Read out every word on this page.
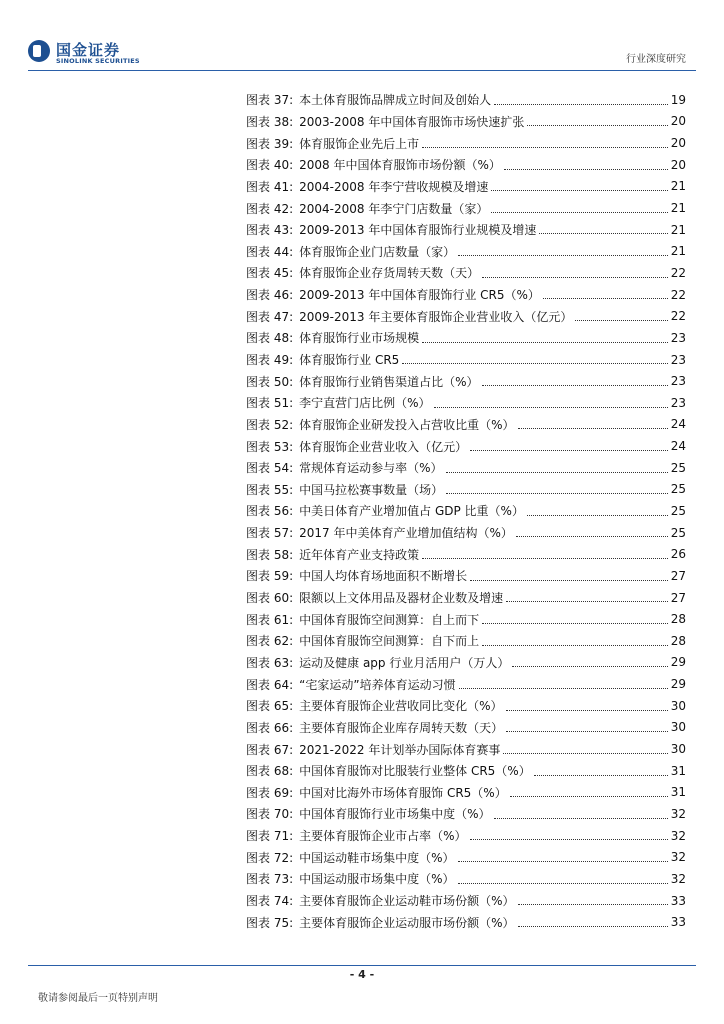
国金证券
SINOLINK SECURITIES	行业深度研究
图表 37: 本土体育服饰品牌成立时间及创始人	19
图表 38: 2003-2008 年中国体育服饰市场快速扩张	20
图表 39: 体育服饰企业先后上市	20
图表 40: 2008 年中国体育服饰市场份额（%）	20
图表 41: 2004-2008 年李宁营收规模及增速	21
图表 42: 2004-2008 年李宁门店数量（家）	21
图表 43: 2009-2013 年中国体育服饰行业规模及增速	21
图表 44: 体育服饰企业门店数量（家）	21
图表 45: 体育服饰企业存货周转天数（天）	22
图表 46: 2009-2013 年中国体育服饰行业 CR5（%）	22
图表 47: 2009-2013 年主要体育服饰企业营业收入（亿元）	22
图表 48: 体育服饰行业市场规模	23
图表 49: 体育服饰行业 CR5	23
图表 50: 体育服饰行业销售渠道占比（%）	23
图表 51: 李宁直营门店比例（%）	23
图表 52: 体育服饰企业研发投入占营收比重（%）	24
图表 53: 体育服饰企业营业收入（亿元）	24
图表 54: 常规体育运动参与率（%）	25
图表 55: 中国马拉松赛事数量（场）	25
图表 56: 中美日体育产业增加值占 GDP 比重（%）	25
图表 57: 2017 年中美体育产业增加值结构（%）	25
图表 58: 近年体育产业支持政策	26
图表 59: 中国人均体育场地面积不断增长	27
图表 60: 限额以上文体用品及器材企业数及增速	27
图表 61: 中国体育服饰空间测算：自上而下	28
图表 62: 中国体育服饰空间测算：自下而上	28
图表 63: 运动及健康 app 行业月活用户（万人）	29
图表 64: “宅家运动”培养体育运动习惯	29
图表 65: 主要体育服饰企业营收同比变化（%）	30
图表 66: 主要体育服饰企业库存周转天数（天）	30
图表 67: 2021-2022 年计划举办国际体育赛事	30
图表 68: 中国体育服饰对比服装行业整体 CR5（%）	31
图表 69: 中国对比海外市场体育服饰 CR5（%）	31
图表 70: 中国体育服饰行业市场集中度（%）	32
图表 71: 主要体育服饰企业市占率（%）	32
图表 72: 中国运动鞋市场集中度（%）	32
图表 73: 中国运动服市场集中度（%）	32
图表 74: 主要体育服饰企业运动鞋市场份额（%）	33
图表 75: 主要体育服饰企业运动服市场份额（%）	33
- 4 -
敬请参阅最后一页特别声明
